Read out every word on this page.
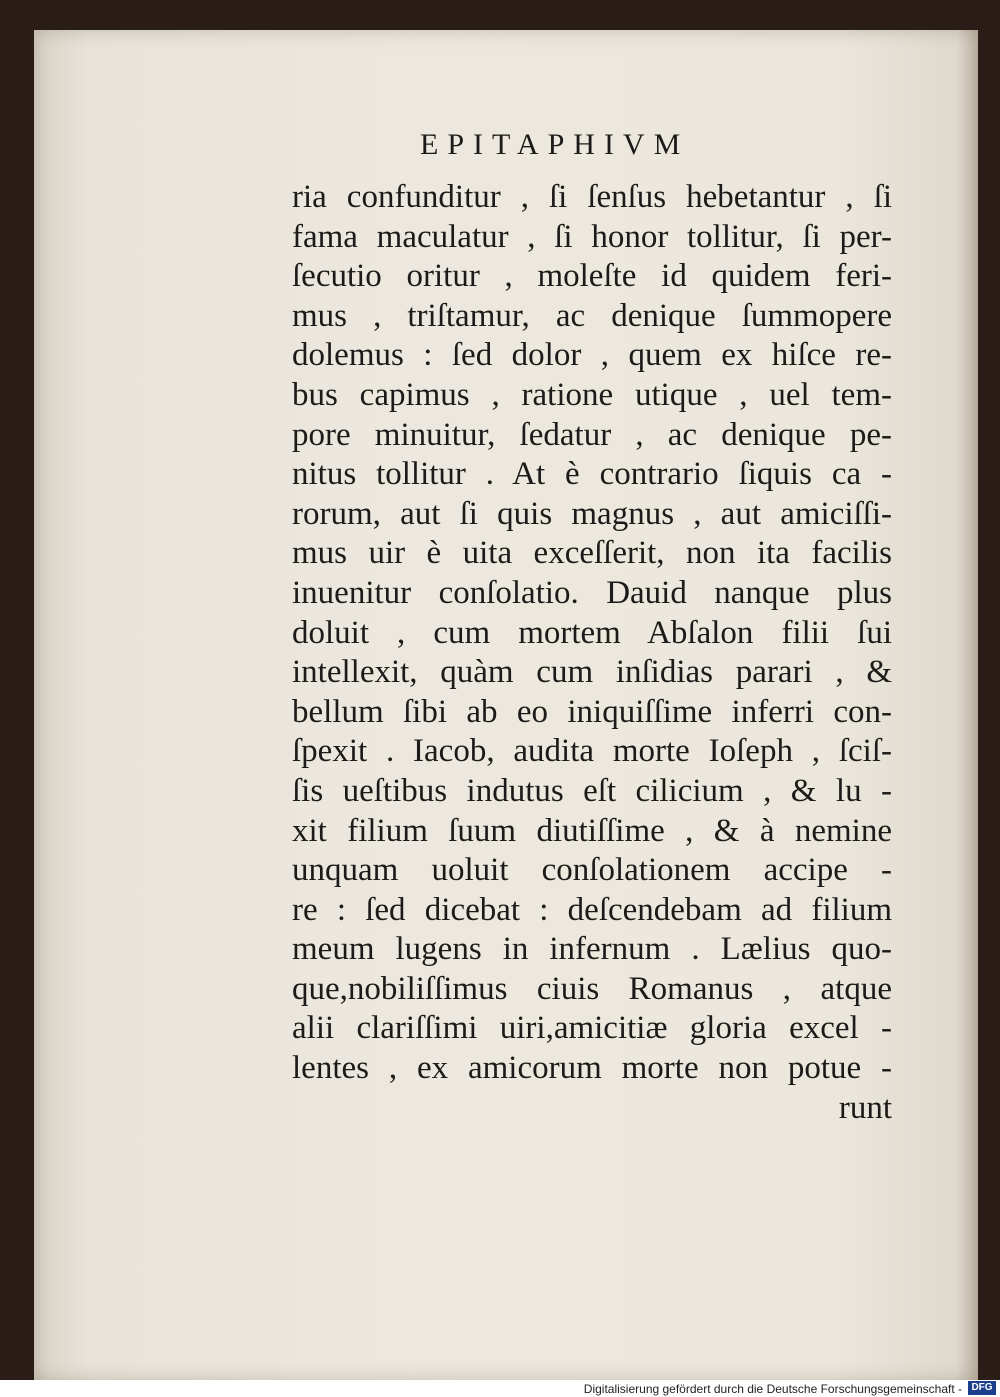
EPITAPHIVM
ria confunditur , ſi ſenſus hebetantur , ſi
fama maculatur , ſi honor tollitur, ſi per-
ſecutio oritur , moleſte id quidem feri-
mus , triſtamur, ac denique ſummopere
dolemus : ſed dolor , quem ex hiſce re-
bus capimus , ratione utique , uel tem-
pore minuitur, ſedatur , ac denique pe-
nitus tollitur . At è contrario ſiquis ca -
rorum, aut ſi quis magnus , aut amiciſſi-
mus uir è uita exceſſerit, non ita facilis
inuenitur conſolatio. Dauid nanque plus
doluit , cum mortem Abſalon filii ſui
intellexit, quàm cum inſidias parari , &
bellum ſibi ab eo iniquiſſime inferri con-
ſpexit . Iacob, audita morte Ioſeph , ſciſ-
ſis ueſtibus indutus eſt cilicium , & lu -
xit filium ſuum diutiſſime , & à nemine
unquam uoluit conſolationem accipe -
re : ſed dicebat : deſcendebam ad filium
meum lugens in infernum . Lælius quo-
que,nobiliſſimus ciuis Romanus , atque
alii clariſſimi uiri,amicitiæ gloria excel -
lentes , ex amicorum morte non potue -
runt
Digitalisierung gefördert durch die Deutsche Forschungsgemeinschaft - DFG
